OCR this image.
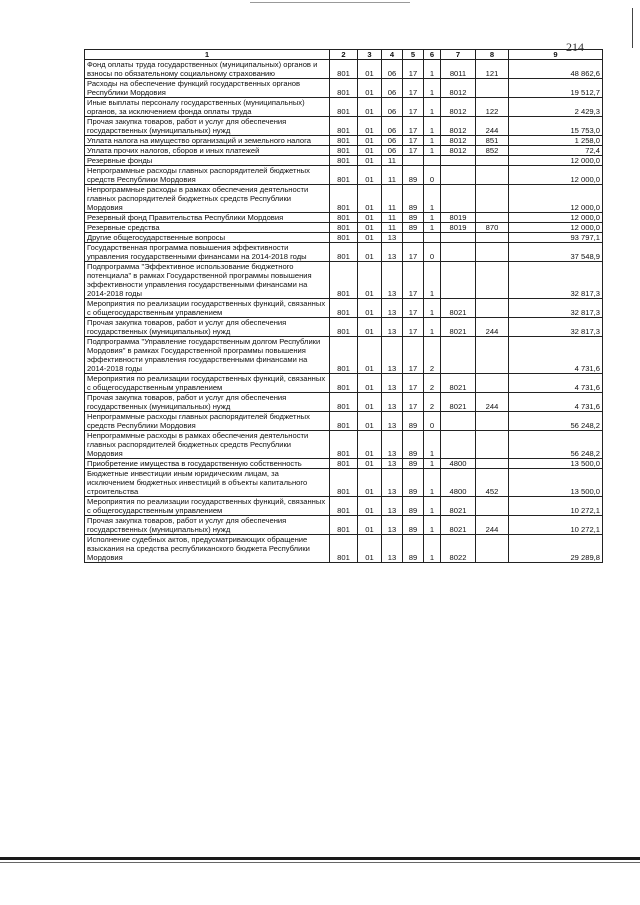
214
1	2	3	4	5	6	7	8	9
Фонд оплаты труда государственных (муниципальных) органов и взносы по обязательному социальному страхованию	801	01	06	17	1	8011	121	48 862,6
Расходы на обеспечение функций государственных органов Республики Мордовия	801	01	06	17	1	8012		19 512,7
Иные выплаты персоналу государственных (муниципальных) органов, за исключением фонда оплаты труда	801	01	06	17	1	8012	122	2 429,3
Прочая закупка товаров, работ и услуг для обеспечения государственных (муниципальных) нужд	801	01	06	17	1	8012	244	15 753,0
Уплата налога на имущество организаций и земельного налога	801	01	06	17	1	8012	851	1 258,0
Уплата прочих налогов, сборов и иных платежей	801	01	06	17	1	8012	852	72,4
Резервные фонды	801	01	11					12 000,0
Непрограммные расходы главных распорядителей бюджетных средств Республики Мордовия	801	01	11	89	0			12 000,0
Непрограммные расходы в рамках обеспечения деятельности главных распорядителей бюджетных средств Республики Мордовия	801	01	11	89	1			12 000,0
Резервный фонд Правительства Республики Мордовия	801	01	11	89	1	8019		12 000,0
Резервные средства	801	01	11	89	1	8019	870	12 000,0
Другие общегосударственные вопросы	801	01	13					93 797,1
Государственная программа повышения эффективности управления государственными финансами на 2014-2018 годы	801	01	13	17	0			37 548,9
Подпрограмма "Эффективное использование бюджетного потенциала" в рамках Государственной программы повышения эффективности управления государственными финансами на 2014-2018 годы	801	01	13	17	1			32 817,3
Мероприятия по реализации государственных функций, связанных с общегосударственным управлением	801	01	13	17	1	8021		32 817,3
Прочая закупка товаров, работ и услуг для обеспечения государственных (муниципальных) нужд	801	01	13	17	1	8021	244	32 817,3
Подпрограмма "Управление государственным долгом Республики Мордовия" в рамках Государственной программы повышения эффективности управления государственными финансами на 2014-2018 годы	801	01	13	17	2			4 731,6
Мероприятия по реализации государственных функций, связанных с общегосударственным управлением	801	01	13	17	2	8021		4 731,6
Прочая закупка товаров, работ и услуг для обеспечения государственных (муниципальных) нужд	801	01	13	17	2	8021	244	4 731,6
Непрограммные расходы главных распорядителей бюджетных средств Республики Мордовия	801	01	13	89	0			56 248,2
Непрограммные расходы в рамках обеспечения деятельности главных распорядителей бюджетных средств Республики Мордовия	801	01	13	89	1			56 248,2
Приобретение имущества в государственную собственность	801	01	13	89	1	4800		13 500,0
Бюджетные инвестиции иным юридическим лицам, за исключением бюджетных инвестиций в объекты капитального строительства	801	01	13	89	1	4800	452	13 500,0
Мероприятия по реализации государственных функций, связанных с общегосударственным управлением	801	01	13	89	1	8021		10 272,1
Прочая закупка товаров, работ и услуг для обеспечения государственных (муниципальных) нужд	801	01	13	89	1	8021	244	10 272,1
Исполнение судебных актов, предусматривающих обращение взыскания на средства республиканского бюджета Республики Мордовия	801	01	13	89	1	8022		29 289,8
